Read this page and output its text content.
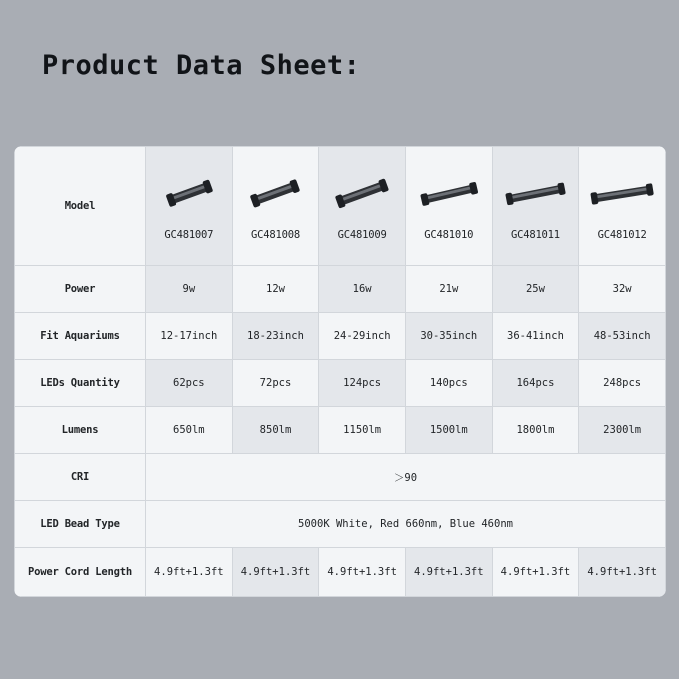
Product Data Sheet:
Model	GC481007	GC481008	GC481009	GC481010	GC481011	GC481012

Power	9w	12w	16w	21w	25w	32w
Fit Aquariums	12-17inch	18-23inch	24-29inch	30-35inch	36-41inch	48-53inch
LEDs Quantity	62pcs	72pcs	124pcs	140pcs	164pcs	248pcs
Lumens	650lm	850lm	1150lm	1500lm	1800lm	2300lm
CRI	＞90					
LED Bead Type	5000K White, Red 660nm, Blue 460nm					
Power Cord Length	4.9ft+1.3ft	4.9ft+1.3ft	4.9ft+1.3ft	4.9ft+1.3ft	4.9ft+1.3ft	4.9ft+1.3ft
